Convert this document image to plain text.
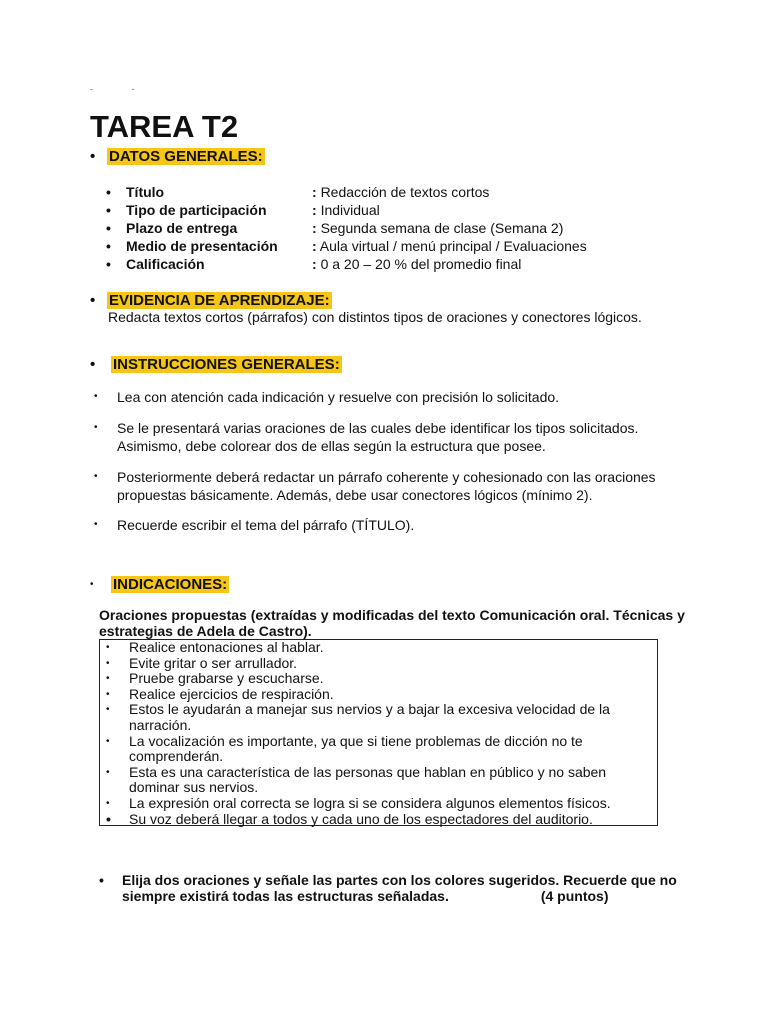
- -
TAREA T2
• DATOS GENERALES:
• Título	: Redacción de textos cortos
• Tipo de participación	: Individual
• Plazo de entrega	: Segunda semana de clase (Semana 2)
• Medio de presentación : Aula virtual / menú principal / Evaluaciones
• Calificación	: 0 a 20 – 20 % del promedio final
• EVIDENCIA DE APRENDIZAJE:
Redacta textos cortos (párrafos) con distintos tipos de oraciones y conectores lógicos.
• INSTRUCCIONES GENERALES:
• Lea con atención cada indicación y resuelve con precisión lo solicitado.
• Se le presentará varias oraciones de las cuales debe identificar los tipos solicitados. Asimismo, debe colorear dos de ellas según la estructura que posee.
• Posteriormente deberá redactar un párrafo coherente y cohesionado con las oraciones propuestas básicamente. Además, debe usar conectores lógicos (mínimo 2).
• Recuerde escribir el tema del párrafo (TÍTULO).
• INDICACIONES:
Oraciones propuestas (extraídas y modificadas del texto Comunicación oral. Técnicas y estrategias de Adela de Castro).
• Realice entonaciones al hablar.
• Evite gritar o ser arrullador.
• Pruebe grabarse y escucharse.
• Realice ejercicios de respiración.
• Estos le ayudarán a manejar sus nervios y a bajar la excesiva velocidad de la narración.
• La vocalización es importante, ya que si tiene problemas de dicción no te comprenderán.
• Esta es una característica de las personas que hablan en público y no saben dominar sus nervios.
• La expresión oral correcta se logra si se considera algunos elementos físicos.
• Su voz deberá llegar a todos y cada uno de los espectadores del auditorio.
• Elija dos oraciones y señale las partes con los colores sugeridos. Recuerde que no siempre existirá todas las estructuras señaladas.	(4 puntos)
